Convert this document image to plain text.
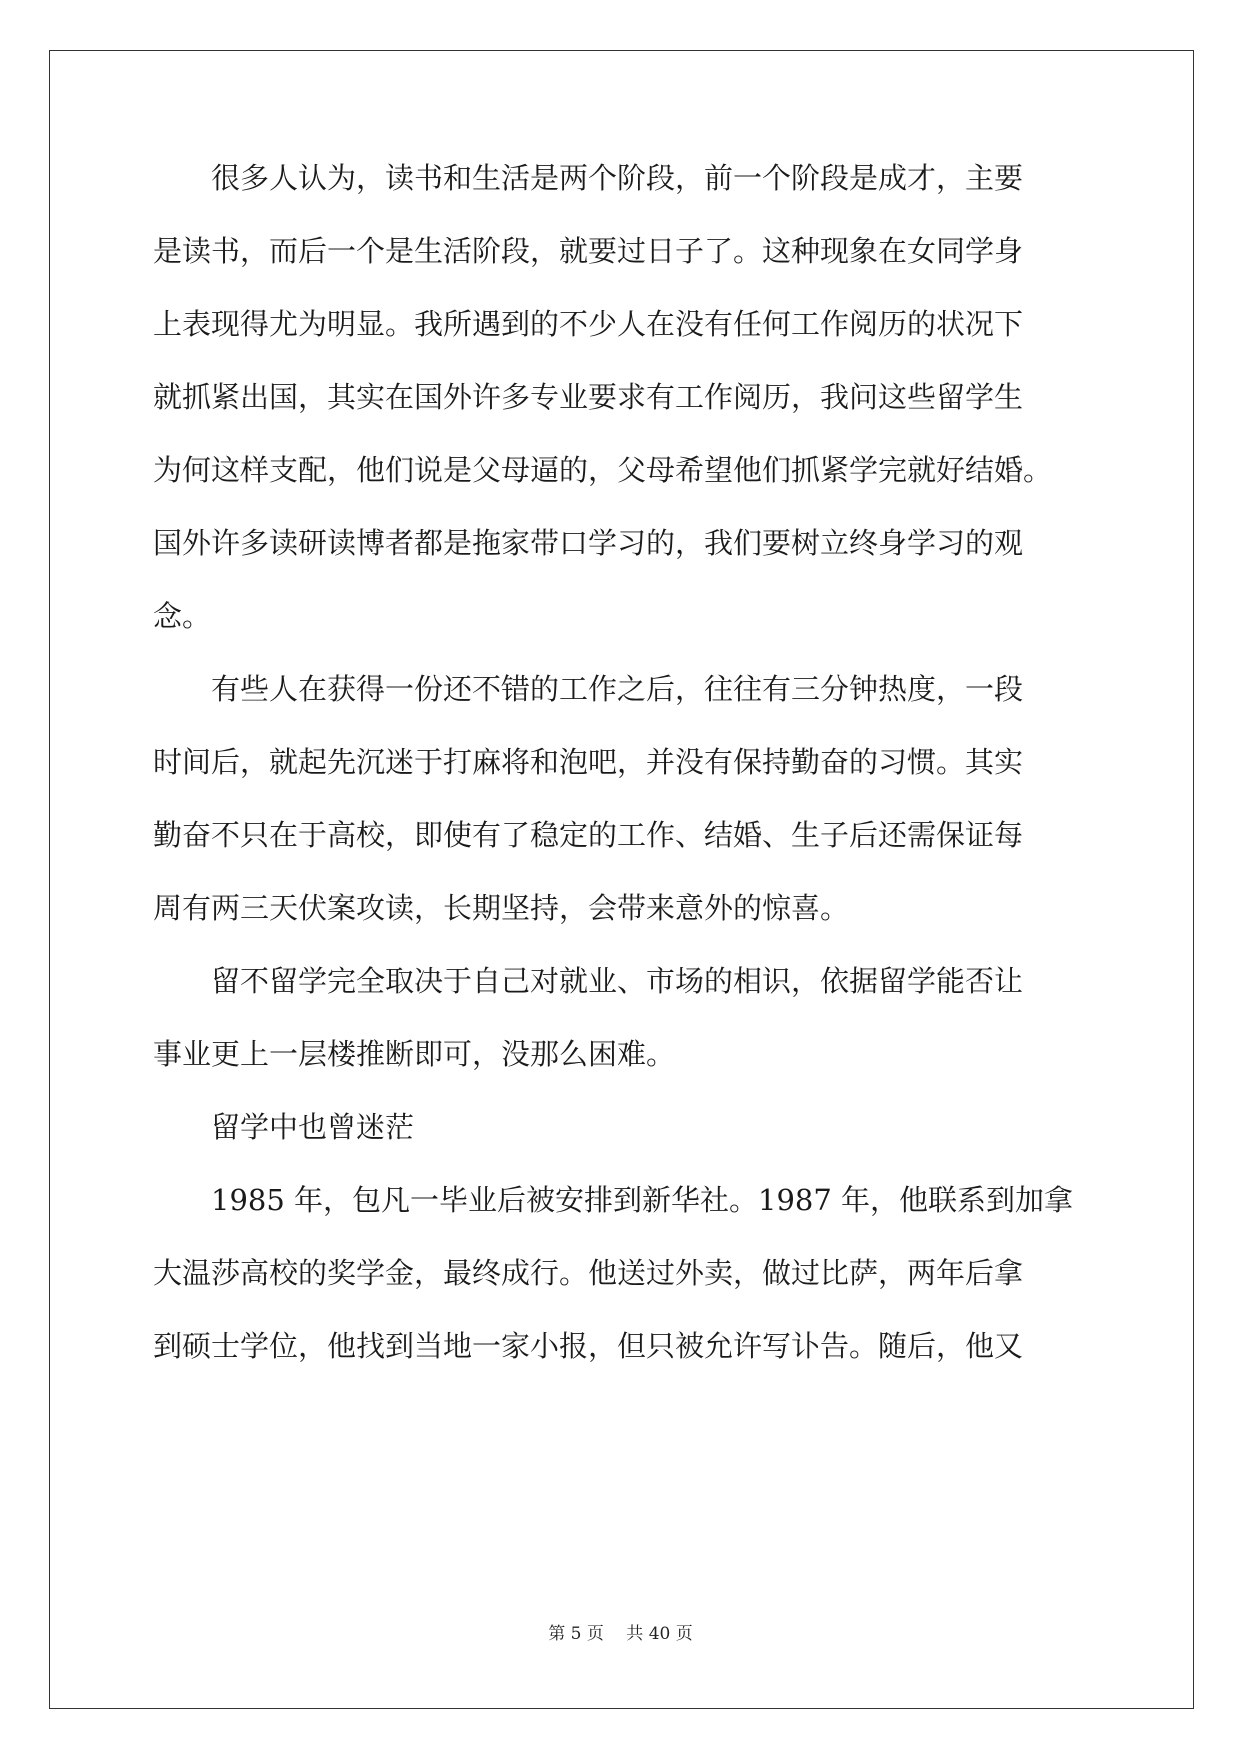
　　很多人认为，读书和生活是两个阶段，前一个阶段是成才，主要
是读书，而后一个是生活阶段，就要过日子了。这种现象在女同学身
上表现得尤为明显。我所遇到的不少人在没有任何工作阅历的状况下
就抓紧出国，其实在国外许多专业要求有工作阅历，我问这些留学生
为何这样支配，他们说是父母逼的，父母希望他们抓紧学完就好结婚。
国外许多读研读博者都是拖家带口学习的，我们要树立终身学习的观
念。
　　有些人在获得一份还不错的工作之后，往往有三分钟热度，一段
时间后，就起先沉迷于打麻将和泡吧，并没有保持勤奋的习惯。其实
勤奋不只在于高校，即使有了稳定的工作、结婚、生子后还需保证每
周有两三天伏案攻读，长期坚持，会带来意外的惊喜。
　　留不留学完全取决于自己对就业、市场的相识，依据留学能否让
事业更上一层楼推断即可，没那么困难。
　　留学中也曾迷茫
　　1985 年，包凡一毕业后被安排到新华社。1987 年，他联系到加拿
大温莎高校的奖学金，最终成行。他送过外卖，做过比萨，两年后拿
到硕士学位，他找到当地一家小报，但只被允许写讣告。随后，他又
第 5 页　 共 40 页
